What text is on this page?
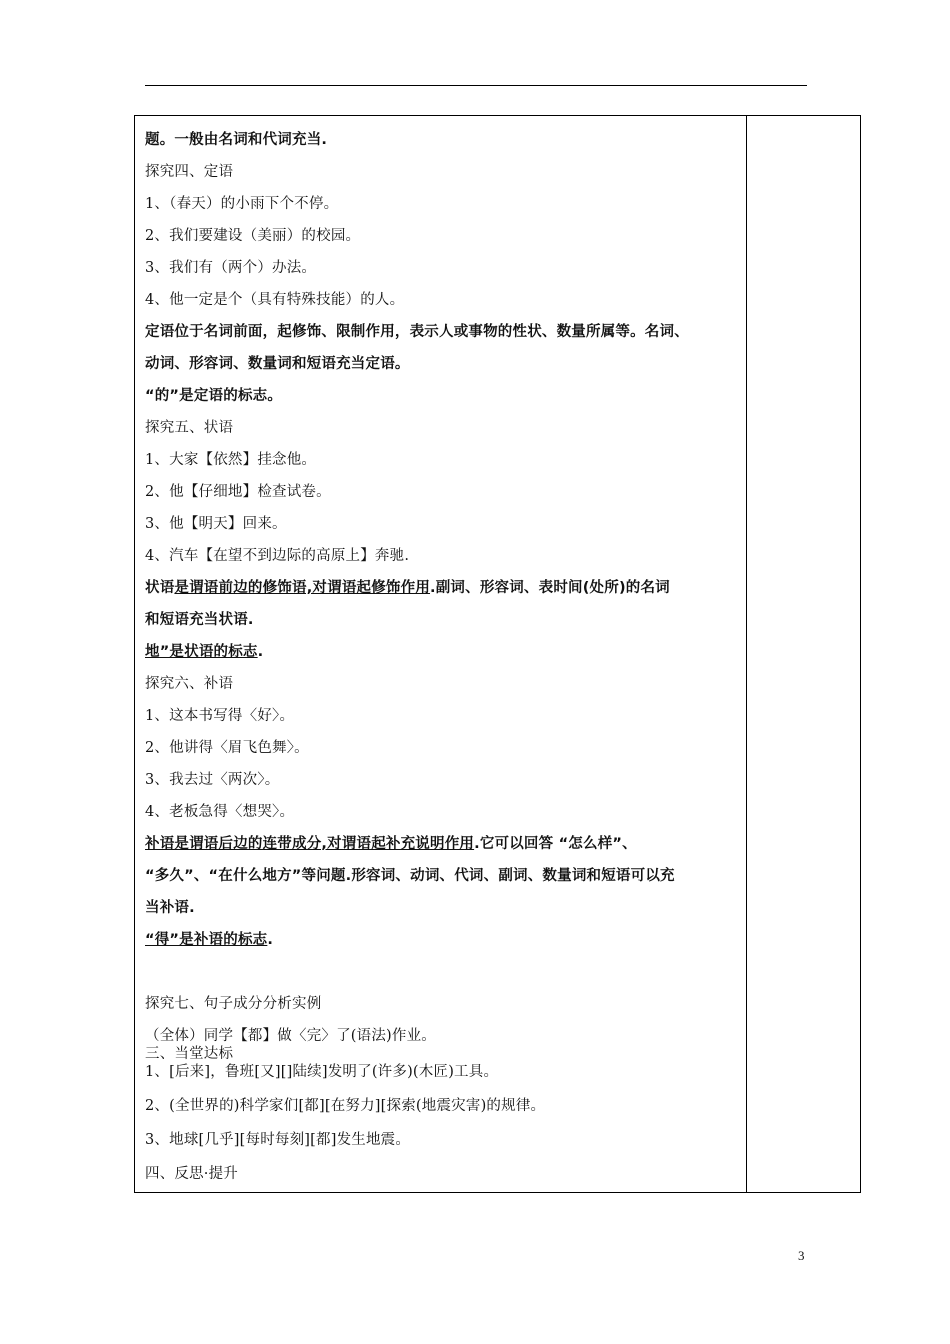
题。一般由名词和代词充当.
探究四、定语
1、（春天）的小雨下个不停。
2、我们要建设（美丽）的校园。
3、我们有（两个）办法。
4、他一定是个（具有特殊技能）的人。
定语位于名词前面，起修饰、限制作用，表示人或事物的性状、数量所属等。名词、
动词、形容词、数量词和短语充当定语。
“的”是定语的标志。
探究五、状语
1、大家【依然】挂念他。
2、他【仔细地】检查试卷。
3、他【明天】回来。
4、汽车【在望不到边际的高原上】奔驰.
状语是谓语前边的修饰语,对谓语起修饰作用.副词、形容词、表时间(处所)的名词
和短语充当状语.
地”是状语的标志.
探究六、补语
1、这本书写得〈好〉。
2、他讲得〈眉飞色舞〉。
3、我去过〈两次〉。
4、老板急得〈想哭〉。
补语是谓语后边的连带成分,对谓语起补充说明作用.它可以回答 “怎么样”、
“多久”、“在什么地方”等问题.形容词、动词、代词、副词、数量词和短语可以充
当补语.
“得”是补语的标志.
探究七、句子成分分析实例
（全体）同学【都】做〈完〉了(语法)作业。
三、当堂达标
1、[后来]，鲁班[又][]陆续]发明了(许多)(木匠)工具。
2、(全世界的)科学家们[都][在努力][探索(地震灾害)的规律。
3、地球[几乎][每时每刻][都]发生地震。
四、反思·提升
3
